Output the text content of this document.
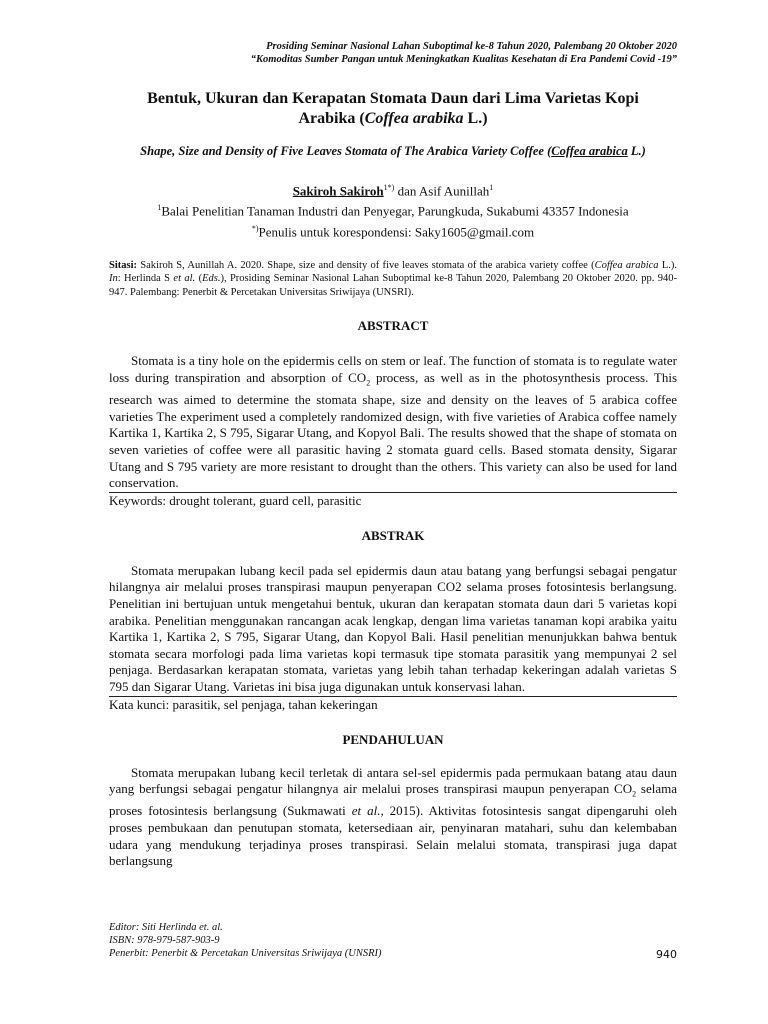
Prosiding Seminar Nasional Lahan Suboptimal ke-8 Tahun 2020, Palembang 20 Oktober 2020
“Komoditas Sumber Pangan untuk Meningkatkan Kualitas Kesehatan di Era Pandemi Covid -19”
Bentuk, Ukuran dan Kerapatan Stomata Daun dari Lima Varietas Kopi
Arabika (Coffea arabika L.)
Shape, Size and Density of Five Leaves Stomata of The Arabica Variety Coffee (Coffea arabica L.)
Sakiroh Sakiroh$^{1*)}$ dan Asif Aunillah$^1$
$^1$Balai Penelitian Tanaman Industri dan Penyegar, Parungkuda, Sukabumi 43357 Indonesia
*)Penulis untuk korespondensi: Saky1605@gmail.com
Sitasi: Sakiroh S, Aunillah A. 2020. Shape, size and density of five leaves stomata of the arabica variety coffee (Coffea arabica L.). In: Herlinda S et al. (Eds.), Prosiding Seminar Nasional Lahan Suboptimal ke-8 Tahun 2020, Palembang 20 Oktober 2020. pp. 940-947. Palembang: Penerbit & Percetakan Universitas Sriwijaya (UNSRI).
ABSTRACT

Stomata is a tiny hole on the epidermis cells on stem or leaf. The function of stomata is to regulate water loss during transpiration and absorption of $CO_2$ process, as well as in the photosynthesis process. This research was aimed to determine the stomata shape, size and density on the leaves of 5 arabica coffee varieties The experiment used a completely randomized design, with five varieties of Arabica coffee namely Kartika 1, Kartika 2, S 795, Sigarar Utang, and Kopyol Bali. The results showed that the shape of stomata on seven varieties of coffee were all parasitic having 2 stomata guard cells. Based stomata density, Sigarar Utang and S 795 variety are more resistant to drought than the others. This variety can also be used for land conservation.

Keywords: drought tolerant, guard cell, parasitic
ABSTRAK

Stomata merupakan lubang kecil pada sel epidermis daun atau batang yang berfungsi sebagai pengatur hilangnya air melalui proses transpirasi maupun penyerapan CO2 selama proses fotosintesis berlangsung. Penelitian ini bertujuan untuk mengetahui bentuk, ukuran dan kerapatan stomata daun dari 5 varietas kopi arabika. Penelitian menggunakan rancangan acak lengkap, dengan lima varietas tanaman kopi arabika yaitu Kartika 1, Kartika 2, S 795, Sigarar Utang, dan Kopyol Bali. Hasil penelitian menunjukkan bahwa bentuk stomata secara morfologi pada lima varietas kopi termasuk tipe stomata parasitik yang mempunyai 2 sel penjaga. Berdasarkan kerapatan stomata, varietas yang lebih tahan terhadap kekeringan adalah varietas S 795 dan Sigarar Utang. Varietas ini bisa juga digunakan untuk konservasi lahan.

Kata kunci: parasitik, sel penjaga, tahan kekeringan
PENDAHULUAN

Stomata merupakan lubang kecil terletak di antara sel-sel epidermis pada permukaan batang atau daun yang berfungsi sebagai pengatur hilangnya air melalui proses transpirasi maupun penyerapan $CO_2$ selama proses fotosintesis berlangsung (Sukmawati et al., 2015). Aktivitas fotosintesis sangat dipengaruhi oleh proses pembukaan dan penutupan stomata, ketersediaan air, penyinaran matahari, suhu dan kelembaban udara yang mendukung terjadinya proses transpirasi. Selain melalui stomata, transpirasi juga dapat berlangsung

Editor: Siti Herlinda et. al.
ISBN: 978-979-587-903-9
Penerbit: Penerbit & Percetakan Universitas Sriwijaya (UNSRI)	940
